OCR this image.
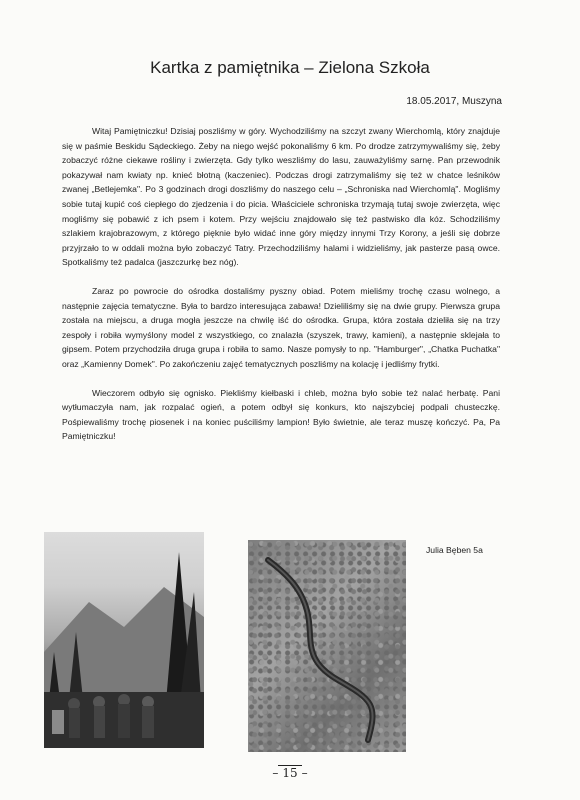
Kartka z pamiętnika – Zielona Szkoła
18.05.2017, Muszyna

Witaj Pamiętniczku! Dzisiaj poszliśmy w góry. Wychodziliśmy na szczyt zwany Wierchomlą, który znajduje się w paśmie Beskidu Sądeckiego. Żeby na niego wejść pokonaliśmy 6 km. Po drodze zatrzymywaliśmy się, żeby zobaczyć różne ciekawe rośliny i zwierzęta. Gdy tylko weszliśmy do lasu, zauważyliśmy sarnę. Pan przewodnik pokazywał nam kwiaty np. knieć błotną (kaczeniec). Podczas drogi zatrzymaliśmy się też w chatce leśników zwanej „Betlejemka". Po 3 godzinach drogi doszliśmy do naszego celu – „Schroniska nad Wierchomlą". Mogliśmy sobie tutaj kupić coś ciepłego do zjedzenia i do picia. Właściciele schroniska trzymają tutaj swoje zwierzęta, więc mogliśmy się pobawić z ich psem i kotem. Przy wejściu znajdowało się też pastwisko dla kóz. Schodziliśmy szlakiem krajobrazowym, z którego pięknie było widać inne góry między innymi Trzy Korony, a jeśli się dobrze przyjrzało to w oddali można było zobaczyć Tatry. Przechodziliśmy halami i widzieliśmy, jak pasterze pasą owce. Spotkaliśmy też padalca (jaszczurkę bez nóg).

Zaraz po powrocie do ośrodka dostaliśmy pyszny obiad. Potem mieliśmy trochę czasu wolnego, a następnie zajęcia tematyczne. Była to bardzo interesująca zabawa! Dzieliliśmy się na dwie grupy. Pierwsza grupa została na miejscu, a druga mogła jeszcze na chwilę iść do ośrodka. Grupa, która została dzieliła się na trzy zespoły i robiła wymyślony model z wszystkiego, co znalazła (szyszek, trawy, kamieni), a następnie sklejała to gipsem. Potem przychodziła druga grupa i robiła to samo. Nasze pomysły to np. "Hamburger", „Chatka Puchatka" oraz „Kamienny Domek". Po zakończeniu zajęć tematycznych poszliśmy na kolację i jedliśmy frytki.

Wieczorem odbyło się ognisko. Piekliśmy kiełbaski i chleb, można było sobie też nalać herbatę. Pani wytłumaczyła nam, jak rozpalać ogień, a potem odbył się konkurs, kto najszybciej podpali chusteczkę. Pośpiewaliśmy trochę piosenek i na koniec puściliśmy lampion! Było świetnie, ale teraz muszę kończyć. Pa, Pa Pamiętniczku!

Julia Bęben 5a
– 15 –
